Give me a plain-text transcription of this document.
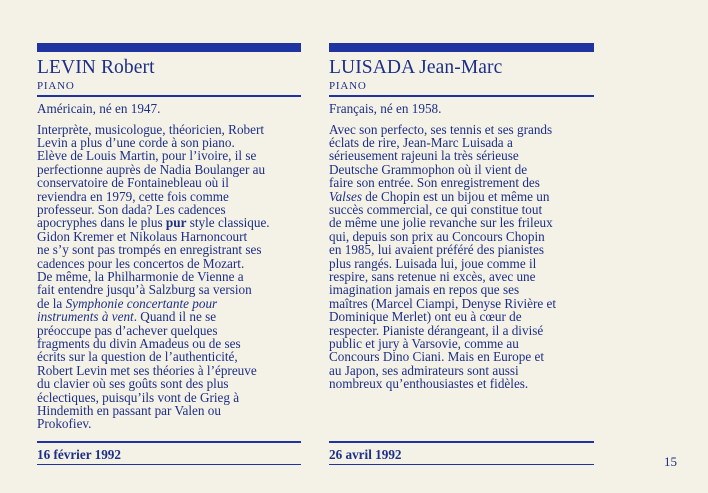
LEVIN Robert
PIANO
Américain, né en 1947.
Interprète, musicologue, théoricien, Robert
Levin a plus d’une corde à son piano.
Elève de Louis Martin, pour l’ivoire, il se
perfectionne auprès de Nadia Boulanger au
conservatoire de Fontainebleau où il
reviendra en 1979, cette fois comme
professeur. Son dada? Les cadences
apocryphes dans le plus pur style classique.
Gidon Kremer et Nikolaus Harnoncourt
ne s’y sont pas trompés en enregistrant ses
cadences pour les concertos de Mozart.
De même, la Philharmonie de Vienne a
fait entendre jusqu’à Salzburg sa version
de la Symphonie concertante pour
instruments à vent. Quand il ne se
préoccupe pas d’achever quelques
fragments du divin Amadeus ou de ses
écrits sur la question de l’authenticité,
Robert Levin met ses théories à l’épreuve
du clavier où ses goûts sont des plus
éclectiques, puisqu’ils vont de Grieg à
Hindemith en passant par Valen ou
Prokofiev.
LUISADA Jean-Marc
PIANO
Français, né en 1958.
Avec son perfecto, ses tennis et ses grands
éclats de rire, Jean-Marc Luisada a
sérieusement rajeuni la très sérieuse
Deutsche Grammophon où il vient de
faire son entrée. Son enregistrement des
Valses de Chopin est un bijou et même un
succès commercial, ce qui constitue tout
de même une jolie revanche sur les frileux
qui, depuis son prix au Concours Chopin
en 1985, lui avaient préféré des pianistes
plus rangés. Luisada lui, joue comme il
respire, sans retenue ni excès, avec une
imagination jamais en repos que ses
maîtres (Marcel Ciampi, Denyse Rivière et
Dominique Merlet) ont eu à cœur de
respecter. Pianiste dérangeant, il a divisé
public et jury à Varsovie, comme au
Concours Dino Ciani. Mais en Europe et
au Japon, ses admirateurs sont aussi
nombreux qu’enthousiastes et fidèles.
16 février 1992	26 avril 1992	15
